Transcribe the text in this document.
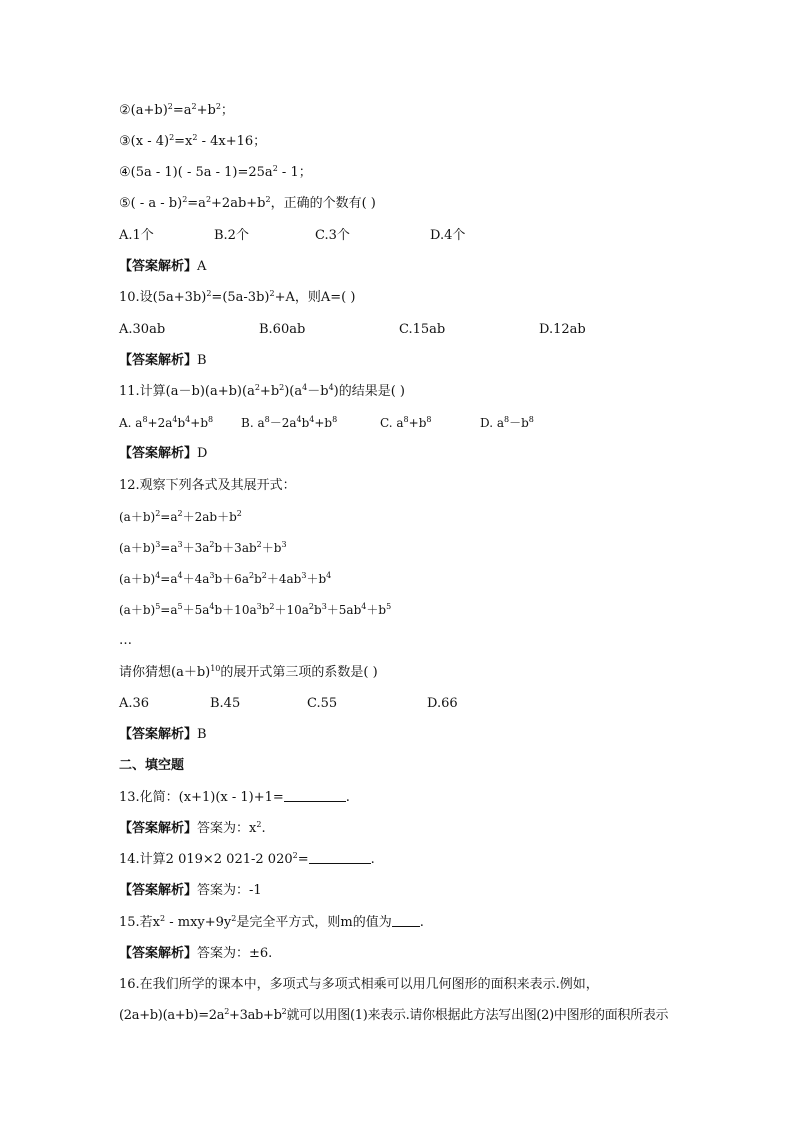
$②(a+b)^2=a^2+b^2$；
③(x - $4)^2=x^2 - 4x+16$；
④(5a - $1)( - 5a - 1)=25a^2 - 1$；
⑤( - $a - b)^2=a^2+2ab+b^2$，正确的个数有( )
A.1个	B.2个	C.3个	D.4个
【答案解析】A
10.设$(5a+3b)^2=(5a-3b)^2+A$，则A=( )
A.30ab	B.60ab	C.15ab	D.12ab
【答案解析】B
11.计算$(a-b)(a+b)(a^2+b^2)(a^4-b^4)$的结果是( )
A. $a^8+2a^4b^4+b^8$ B. $a^8-2a^4b^4+b^8$	C. $a^8+b^8$	D. $a^8-b^8$
【答案解析】D
12.观察下列各式及其展开式：
$(a+b)^2=a^2+2ab+b^2$
$(a+b)^3=a^3+3a^2b+3ab^2+b^3$
$(a+b)^4=a^4+4a^3b+6a^2b^2+4ab^3+b^4$
$(a+b)^5=a^5+5a^4b+10a^3b^2+10a^2b^3+5ab^4+b^5$
…
请你猜想$(a+b)^{10}$的展开式第三项的系数是( )
A.36	B.45	C.55	D.66
【答案解析】B
二、填空题
13.化简：(x+1)(x - 1)+1=	.
【答案解析】答案为：$x^2$.
14.计算2 019×2 021-2 $020^2=$	.
【答案解析】答案为：-1
15.若$x^2 - mxy+9y^2$是完全平方式，则m的值为 .
【答案解析】答案为：±6.
16.在我们所学的课本中，多项式与多项式相乘可以用几何图形的面积来表示.例如，
$(2a+b)(a+b)=2a^2+3ab+b^2$就可以用图(1)来表示.请你根据此方法写出图(2)中图形的面积所表示
